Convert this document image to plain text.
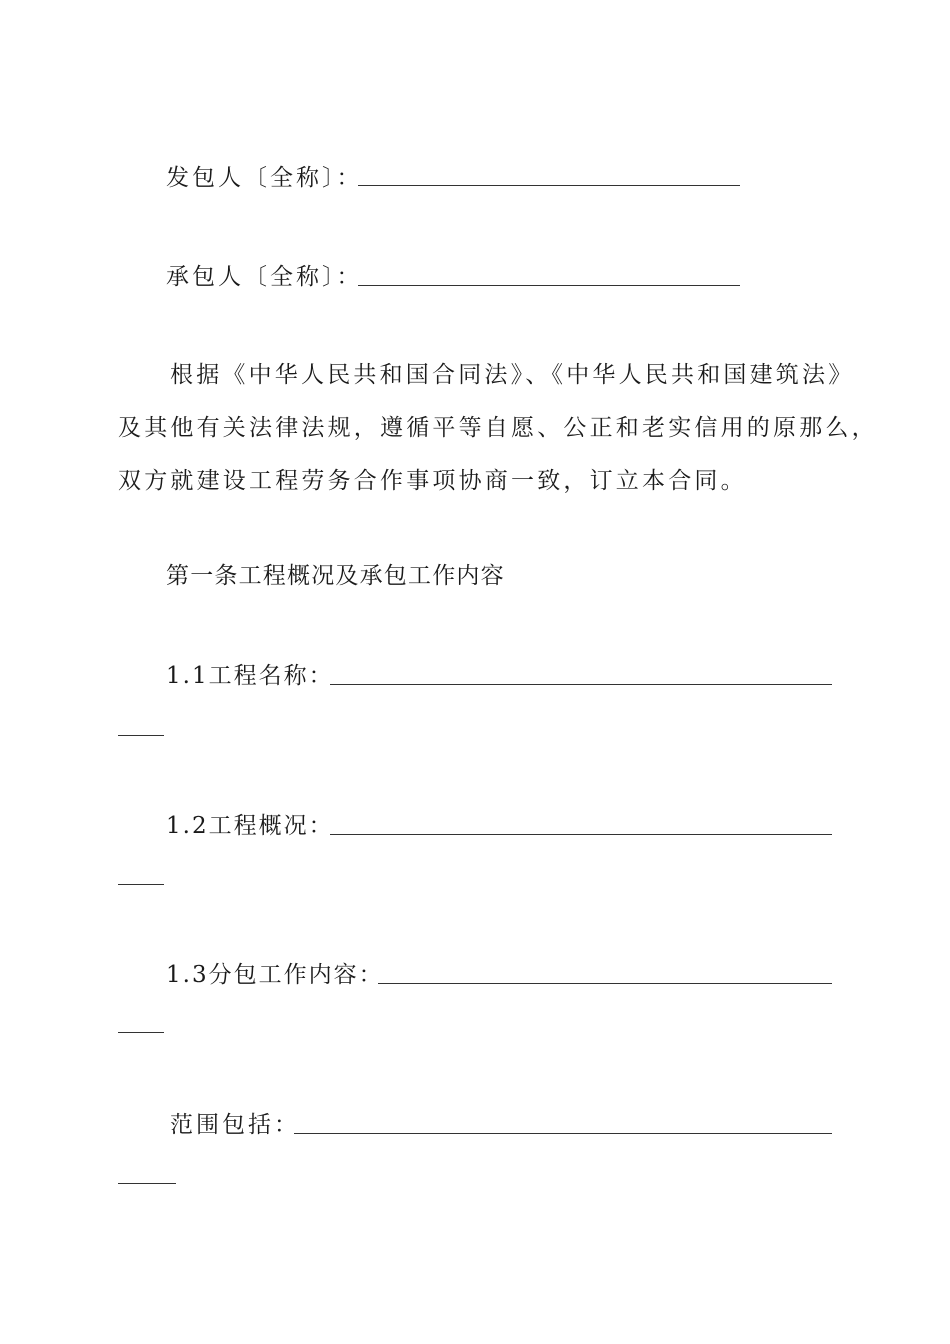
发包人〔全称〕：
承包人〔全称〕：
根据《中华人民共和国合同法》、《中华人民共和国建筑法》
及其他有关法律法规，遵循平等自愿、公正和老实信用的原那么，
双方就建设工程劳务合作事项协商一致，订立本合同。
第一条工程概况及承包工作内容
1.1工程名称：
1.2工程概况：
1.3分包工作内容：
范围包括：
